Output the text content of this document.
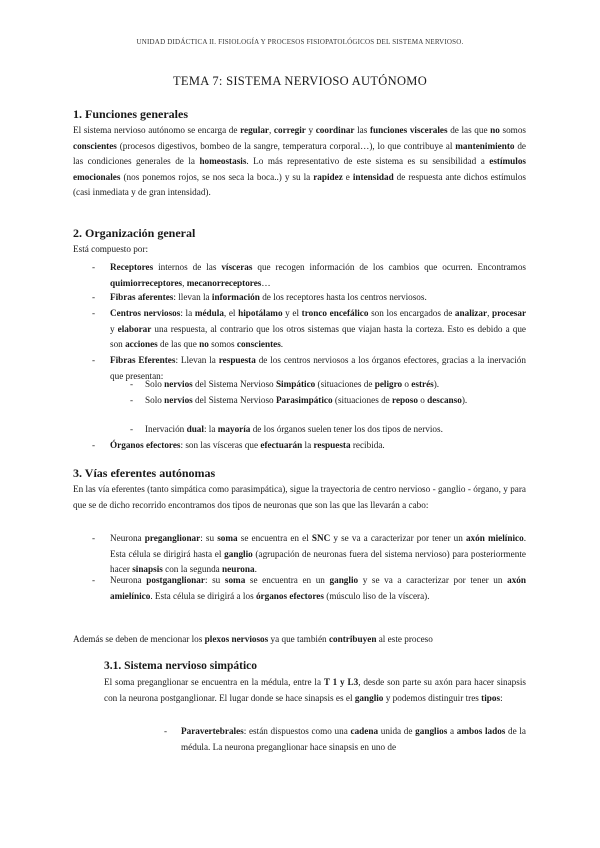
UNIDAD DIDÁCTICA II. FISIOLOGÍA Y PROCESOS FISIOPATOLÓGICOS DEL SISTEMA NERVIOSO.
TEMA 7: SISTEMA NERVIOSO AUTÓNOMO
1. Funciones generales
El sistema nervioso autónomo se encarga de regular, corregir y coordinar las funciones viscerales de las que no somos conscientes (procesos digestivos, bombeo de la sangre, temperatura corporal…), lo que contribuye al mantenimiento de las condiciones generales de la homeostasis. Lo más representativo de este sistema es su sensibilidad a estímulos emocionales (nos ponemos rojos, se nos seca la boca..) y su la rapidez e intensidad de respuesta ante dichos estímulos (casi inmediata y de gran intensidad).
2. Organización general
Está compuesto por:
- Receptores internos de las vísceras que recogen información de los cambios que ocurren. Encontramos quimiorreceptores, mecanorreceptores…
- Fibras aferentes: llevan la información de los receptores hasta los centros nerviosos.
- Centros nerviosos: la médula, el hipotálamo y el tronco encefálico son los encargados de analizar, procesar y elaborar una respuesta, al contrario que los otros sistemas que viajan hasta la corteza. Esto es debido a que son acciones de las que no somos conscientes.
- Fibras Eferentes: Llevan la respuesta de los centros nerviosos a los órganos efectores, gracias a la inervación que presentan:
- Solo nervios del Sistema Nervioso Simpático (situaciones de peligro o estrés).
- Solo nervios del Sistema Nervioso Parasimpático (situaciones de reposo o descanso).
- Inervación dual: la mayoría de los órganos suelen tener los dos tipos de nervios.
- Órganos efectores: son las vísceras que efectuarán la respuesta recibida.
3. Vías eferentes autónomas
En las vía eferentes (tanto simpática como parasimpática), sigue la trayectoria de centro nervioso - ganglio - órgano, y para que se de dicho recorrido encontramos dos tipos de neuronas que son las que las llevarán a cabo:
- Neurona preganglionar: su soma se encuentra en el SNC y se va a caracterizar por tener un axón mielínico. Esta célula se dirigirá hasta el ganglio (agrupación de neuronas fuera del sistema nervioso) para posteriormente hacer sinapsis con la segunda neurona.
- Neurona postganglionar: su soma se encuentra en un ganglio y se va a caracterizar por tener un axón amielínico. Esta célula se dirigirá a los órganos efectores (músculo liso de la víscera).
Además se deben de mencionar los plexos nerviosos ya que también contribuyen al este proceso
3.1. Sistema nervioso simpático
El soma preganglionar se encuentra en la médula, entre la T 1 y L3, desde son parte su axón para hacer sinapsis con la neurona postganglionar. El lugar donde se hace sinapsis es el ganglio y podemos distinguir tres tipos:
- Paravertebrales: están dispuestos como una cadena unida de ganglios a ambos lados de la médula. La neurona preganglionar hace sinapsis en uno de
